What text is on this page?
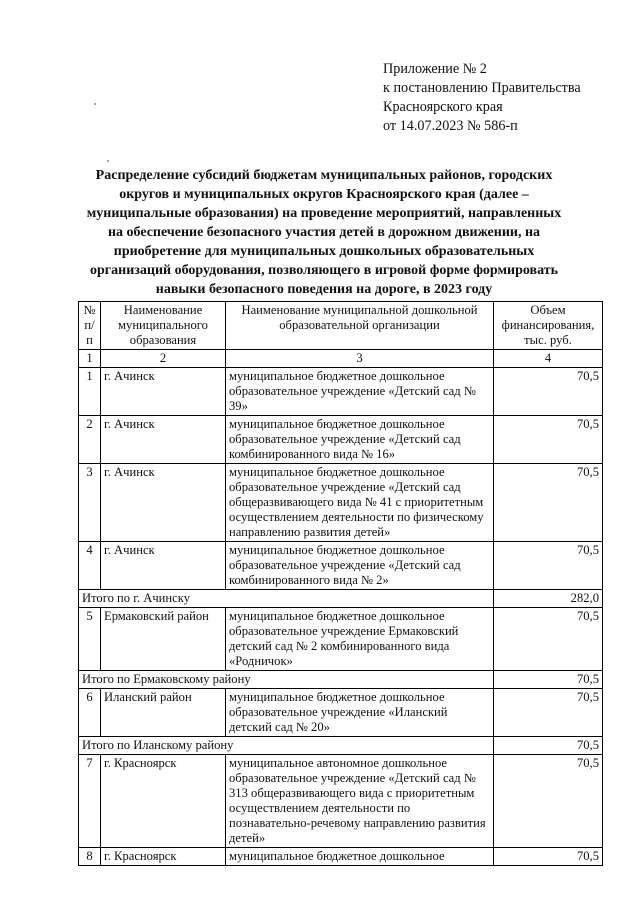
Приложение № 2
к постановлению Правительства
Красноярского края
от 14.07.2023 № 586-п
Распределение субсидий бюджетам муниципальных районов, городских округов и муниципальных округов Красноярского края (далее – муниципальные образования) на проведение мероприятий, направленных на обеспечение безопасного участия детей в дорожном движении, на приобретение для муниципальных дошкольных образовательных организаций оборудования, позволяющего в игровой форме формировать навыки безопасного поведения на дороге, в 2023 году
№ п/п	Наименование муниципального образования	Наименование муниципальной дошкольной образовательной организации	Объем финансирования, тыс. руб.
1	2	3	4
1	г. Ачинск	муниципальное бюджетное дошкольное образовательное учреждение «Детский сад № 39»	70,5
2	г. Ачинск	муниципальное бюджетное дошкольное образовательное учреждение «Детский сад комбинированного вида № 16»	70,5
3	г. Ачинск	муниципальное бюджетное дошкольное образовательное учреждение «Детский сад общеразвивающего вида № 41 с приоритетным осуществлением деятельности по физическому направлению развития детей»	70,5
4	г. Ачинск	муниципальное бюджетное дошкольное образовательное учреждение «Детский сад комбинированного вида № 2»	70,5
Итого по г. Ачинску			282,0
5	Ермаковский район	муниципальное бюджетное дошкольное образовательное учреждение Ермаковский детский сад № 2 комбинированного вида «Родничок»	70,5
Итого по Ермаковскому району			70,5
6	Иланский район	муниципальное бюджетное дошкольное образовательное учреждение «Иланский детский сад № 20»	70,5
Итого по Иланскому району			70,5
7	г. Красноярск	муниципальное автономное дошкольное образовательное учреждение «Детский сад № 313 общеразвивающего вида с приоритетным осуществлением деятельности по познавательно-речевому направлению развития детей»	70,5
8	г. Красноярск	муниципальное бюджетное дошкольное	70,5
